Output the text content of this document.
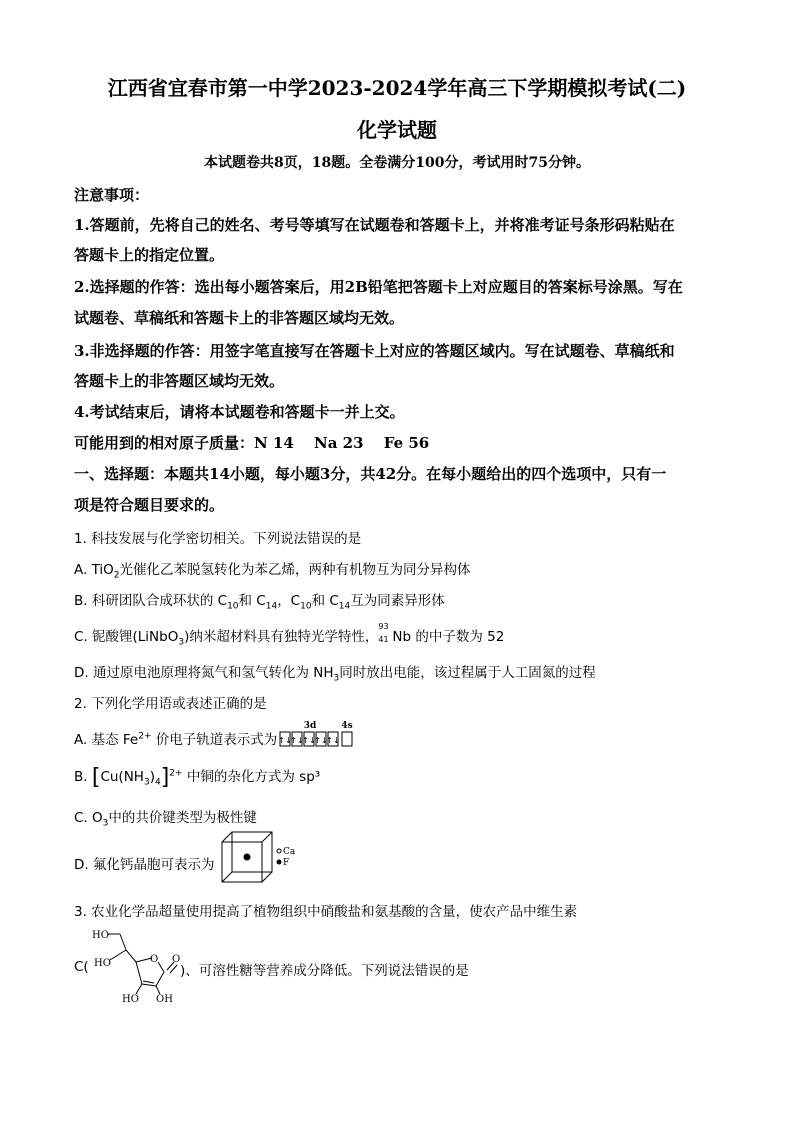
江西省宜春市第一中学2023-2024学年高三下学期模拟考试(二)
化学试题
本试题卷共8页，18题。全卷满分100分，考试用时75分钟。
注意事项：
1.答题前，先将自己的姓名、考号等填写在试题卷和答题卡上，并将准考证号条形码粘贴在
答题卡上的指定位置。
2.选择题的作答：选出每小题答案后，用2B铅笔把答题卡上对应题目的答案标号涂黑。写在
试题卷、草稿纸和答题卡上的非答题区域均无效。
3.非选择题的作答：用签字笔直接写在答题卡上对应的答题区域内。写在试题卷、草稿纸和
答题卡上的非答题区域均无效。
4.考试结束后，请将本试题卷和答题卡一并上交。
可能用到的相对原子质量：N 14　 Na 23　 Fe 56
一、选择题：本题共14小题，每小题3分，共42分。在每小题给出的四个选项中，只有一
项是符合题目要求的。
1. 科技发展与化学密切相关。下列说法错误的是
A. TiO$_2$光催化乙苯脱氢转化为苯乙烯，两种有机物互为同分异构体
B. 科研团队合成环状的 $C_{10}$和 $C_{14}$，$C_{10}$和 $C_{14}$互为同素异形体
C. 铌酸锂(LiNbO$_3$)纳米超材料具有独特光学特性，
93
41 Nb 的中子数为 52
D. 通过原电池原理将氮气和氢气转化为 $NH_3$同时放出电能，该过程属于人工固氮的过程
2. 下列化学用语或表述正确的是
A. 基态 $Fe^{2+}$ 价电子轨道表示式为
3d	4s
↑↓
↑↓
↑↓
↑↓
↑↓
B. $[Cu(NH_3)_4]^{2+}$ 中铜的杂化方式为 sp³
C. $O_3$中的共价键类型为极性键
D. 氟化钙晶胞可表示为
Ca
F
3. 农业化学品超量使用提高了植物组织中硝酸盐和氨基酸的含量，使农产品中维生素
C(	)、可溶性糖等营养成分降低。下列说法错误的是
HO
HO	O O
HO OH
